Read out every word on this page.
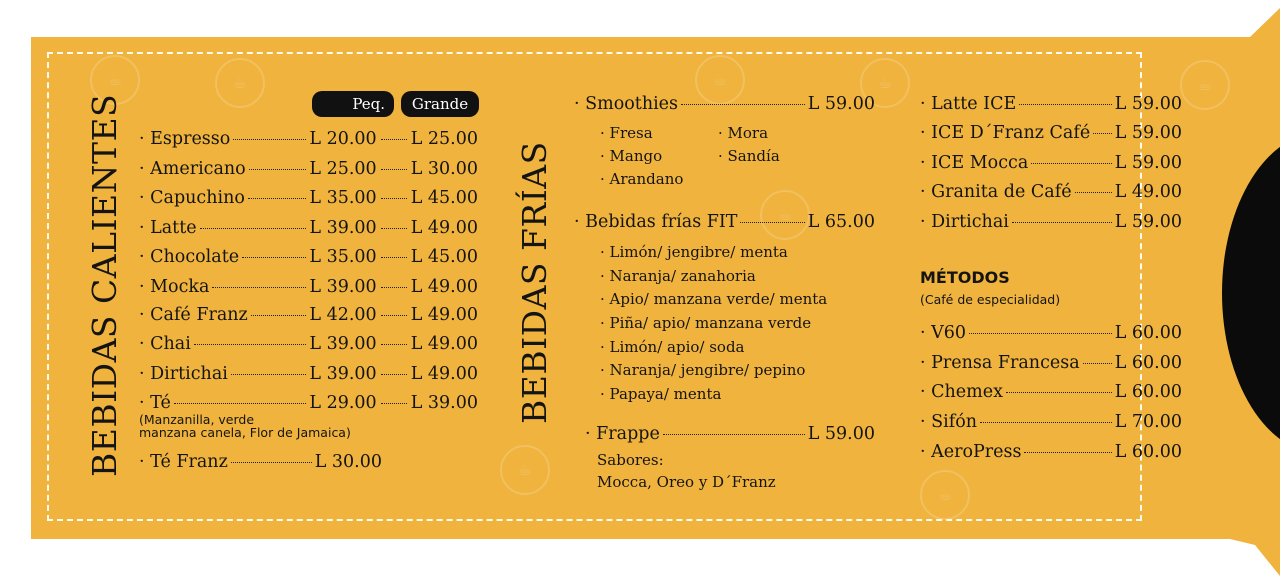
☕	☕	☕	☕	☕
☕
☕
☕
BEBIDAS CALIENTES	Peq.	Grande
· Espresso	L 20.00 L 25.00
· Americano	L 25.00 L 30.00
· Capuchino	L 35.00 L 45.00
· Latte	L 39.00 L 49.00
· Chocolate	L 35.00 L 45.00
· Mocka	L 39.00 L 49.00
· Café Franz	L 42.00 L 49.00
· Chai	L 39.00 L 49.00
· Dirtichai	L 39.00 L 49.00
· Té	L 29.00 L 39.00
(Manzanilla, verde
manzana canela, Flor de Jamaica)
· Té Franz	L 30.00
BEBIDAS FRÍAS
· Smoothies	L 59.00
· Fresa
· Mango
· Arandano
· Mora
· Sandía
· Bebidas frías FIT	L 65.00
· Limón/ jengibre/ menta
· Naranja/ zanahoria
· Apio/ manzana verde/ menta
· Piña/ apio/ manzana verde
· Limón/ apio/ soda
· Naranja/ jengibre/ pepino
· Papaya/ menta
· Frappe	L 59.00
Sabores:
Mocca, Oreo y D´Franz
· Latte ICE	L 59.00
· ICE D´Franz Café L 59.00
· ICE Mocca	L 59.00
· Granita de Café L 49.00
· Dirtichai	L 59.00
MÉTODOS
(Café de especialidad)
· V60	L 60.00
· Prensa Francesa L 60.00
· Chemex	L 60.00
· Sifón	L 70.00
· AeroPress	L 60.00
